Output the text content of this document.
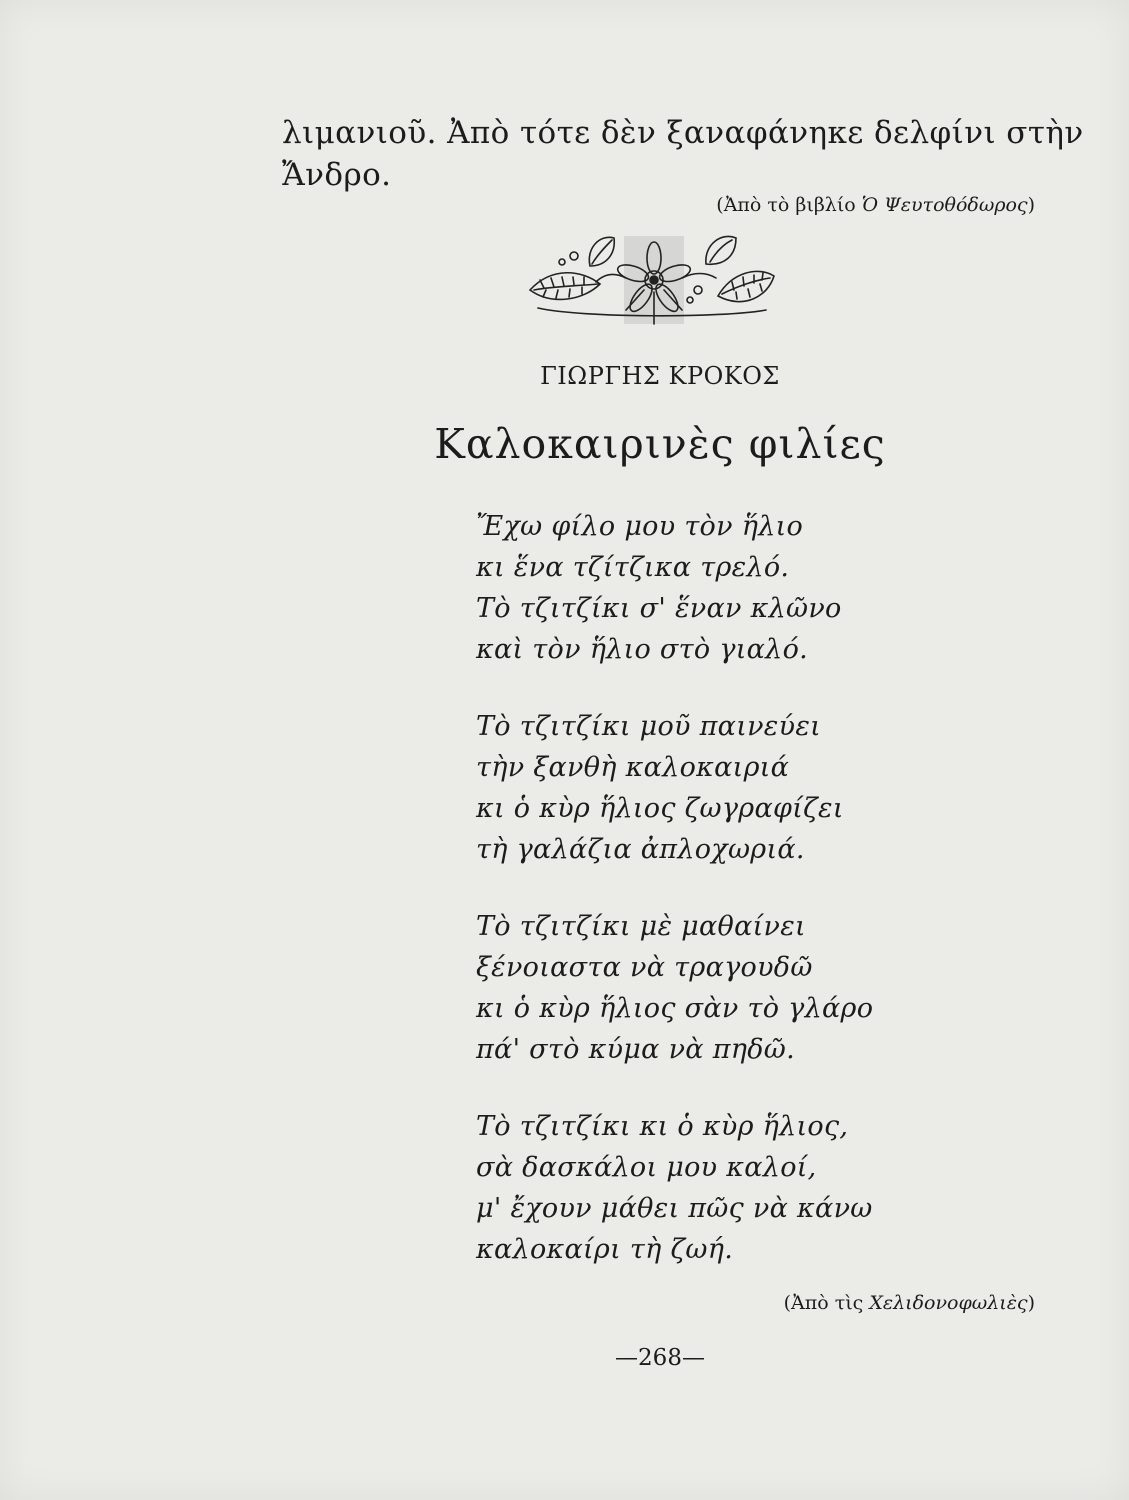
λιμανιοῦ. Ἀπὸ τότε δὲν ξαναφάνηκε δελφίνι στὴν

Ἄνδρο.

(Ἀπὸ τὸ βιβλίο Ὁ Ψευτοθόδωρος)

ΓΙΩΡΓΗΣ ΚΡΟΚΟΣ

Καλοκαιρινὲς φιλίες
Ἔχω φίλο μου τὸν ἥλιο
κι ἕνα τζίτζικα τρελό.
Τὸ τζιτζίκι σ' ἕναν κλῶνο
καὶ τὸν ἥλιο στὸ γιαλό.
Τὸ τζιτζίκι μοῦ παινεύει
τὴν ξανθὴ καλοκαιριά
κι ὁ κὺρ ἥλιος ζωγραφίζει
τὴ γαλάζια ἀπλοχωριά.
Τὸ τζιτζίκι μὲ μαθαίνει
ξένοιαστα νὰ τραγουδῶ
κι ὁ κὺρ ἥλιος σὰν τὸ γλάρο
πά' στὸ κύμα νὰ πηδῶ.
Τὸ τζιτζίκι κι ὁ κὺρ ἥλιος,
σὰ δασκάλοι μου καλοί,
μ' ἔχουν μάθει πῶς νὰ κάνω
καλοκαίρι τὴ ζωή.

(Ἀπὸ τὶς Χελιδονοφωλιὲς)

—268—
